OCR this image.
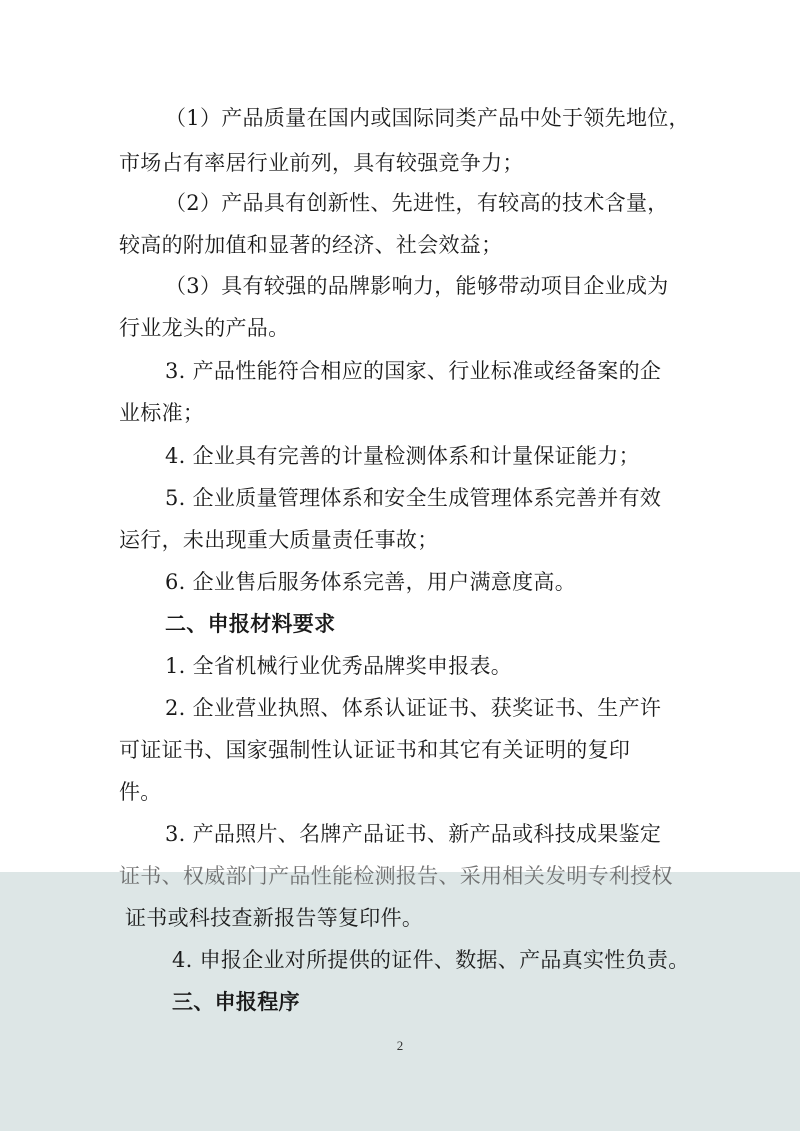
（1）产品质量在国内或国际同类产品中处于领先地位，
市场占有率居行业前列，具有较强竞争力；
（2）产品具有创新性、先进性，有较高的技术含量，
较高的附加值和显著的经济、社会效益；
（3）具有较强的品牌影响力，能够带动项目企业成为
行业龙头的产品。
3. 产品性能符合相应的国家、行业标准或经备案的企
业标准；
4. 企业具有完善的计量检测体系和计量保证能力；
5. 企业质量管理体系和安全生成管理体系完善并有效
运行，未出现重大质量责任事故；
6. 企业售后服务体系完善，用户满意度高。
二、申报材料要求
1. 全省机械行业优秀品牌奖申报表。
2. 企业营业执照、体系认证证书、获奖证书、生产许
可证证书、国家强制性认证证书和其它有关证明的复印
件。
3. 产品照片、名牌产品证书、新产品或科技成果鉴定
证书、权威部门产品性能检测报告、采用相关发明专利授权
证书或科技查新报告等复印件。
4. 申报企业对所提供的证件、数据、产品真实性负责。
三、申报程序
2
